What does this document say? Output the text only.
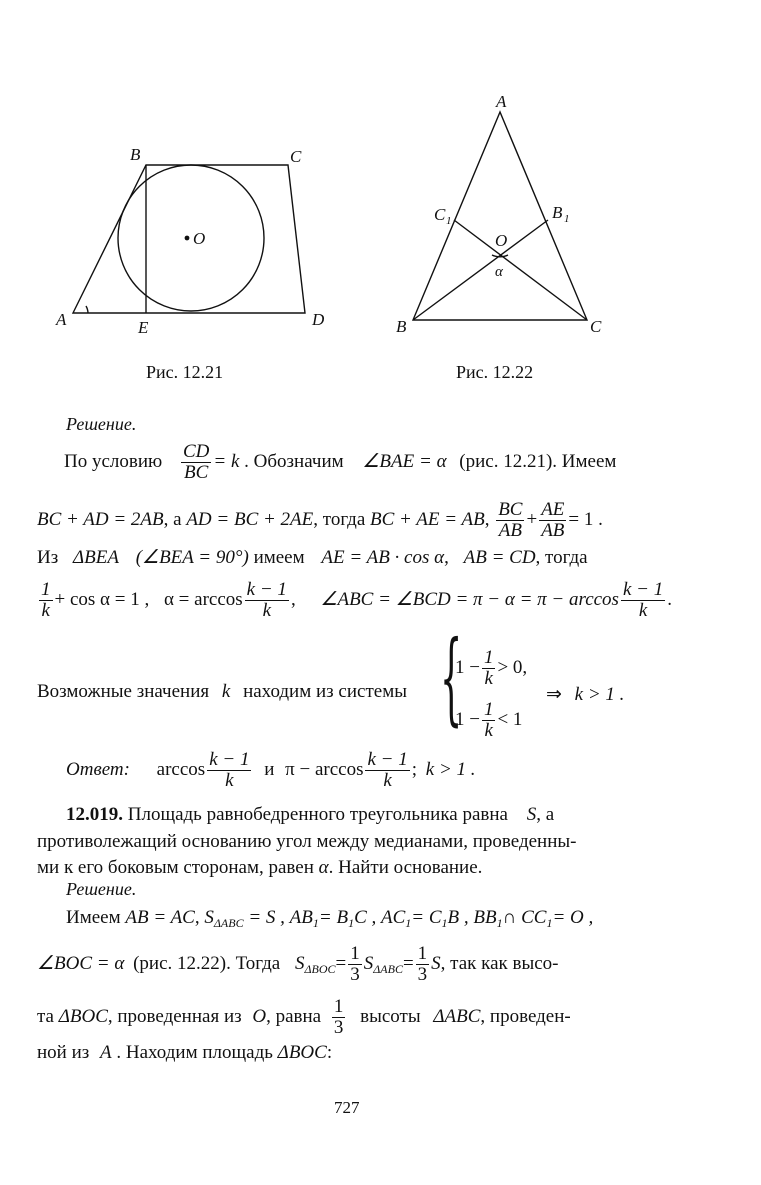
A
B	C
D
E
O
Рис. 12.21
A
B	C
C 1	B 1
O
α
Рис. 12.22
Решение.
По условию $\frac{CD}{BC} = k$ . Обозначим ∠BAE = α (рис. 12.21). Имеем
BC + AD = 2AB, а AD = BC + 2AE, тогда BC + AE = AB, $\frac{BC}{AB} + \frac{AE}{AB} = 1$ .
Из ΔBEA (∠BEA = 90°) имеем AE = AB · cos α, AB = CD, тогда
$\frac{1}{k} + \cos \alpha = 1$ , $\alpha = \arccos \frac{k - 1}{k}$ , ∠ABC = ∠BCD = $\pi - \alpha = \pi - \arccos \frac{k - 1}{k}$ .
Возможные значения k находим из системы {
$1 - \frac{1}{k} > 0$,
$1 - \frac{1}{k} < 1$
⇒ k > 1 .
Ответ: $\arccos \frac{k - 1}{k}$ и $\pi - \arccos \frac{k - 1}{k}$ ; k > 1 .
12.019. Площадь равнобедренного треугольника равна S, а
противолежащий основанию угол между медианами, проведенны-
ми к его боковым сторонам, равен α. Найти основание.
Решение.
Имеем AB = AC, $S_{\Delta ABC} = S$ , $AB_1= B_1C$ , $AC_1= C_1B$ , $BB_1\cap$ $CC_1= O$ ,
∠BOC = α (рис. 12.22). Тогда $S_{\Delta BOC}= \frac{1}{3} S_{\Delta ABC}= \frac{1}{3} S$, так как высо-
та ΔBOC, проведенная из O, равна $\frac{1}{3}$ высоты ΔABC, проведен-
ной из A . Находим площадь ΔBOC:
727
